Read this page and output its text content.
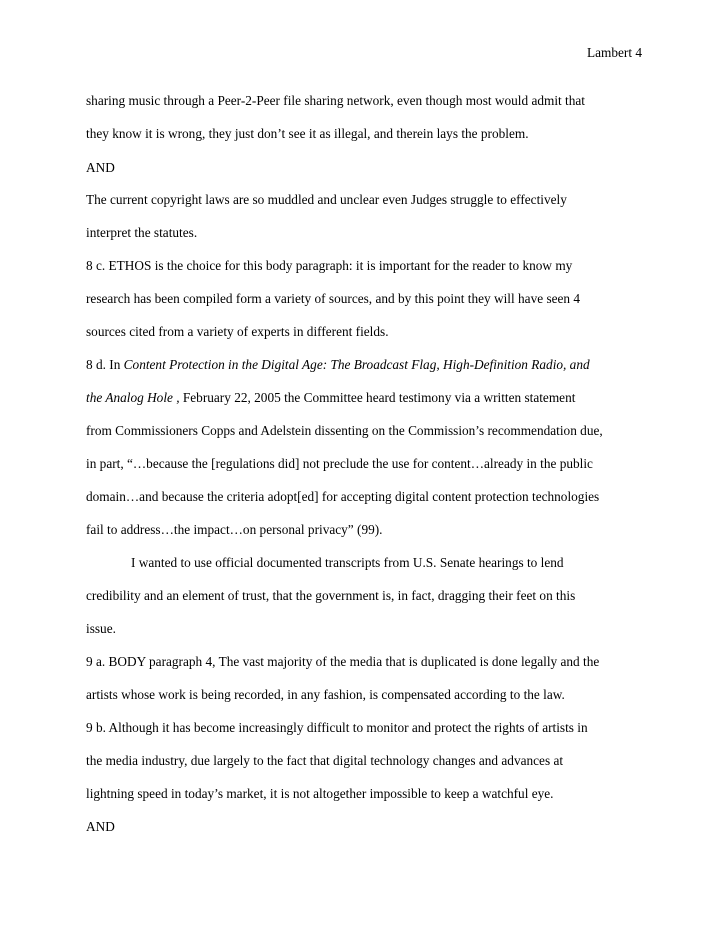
Lambert 4
sharing music through a Peer-2-Peer file sharing network, even though most would admit that
they know it is wrong, they just don’t see it as illegal, and therein lays the problem.
AND
The current copyright laws are so muddled and unclear even Judges struggle to effectively
interpret the statutes.
8 c. ETHOS is the choice for this body paragraph: it is important for the reader to know my
research has been compiled form a variety of sources, and by this point they will have seen 4
sources cited from a variety of experts in different fields.
8 d. In Content Protection in the Digital Age: The Broadcast Flag, High-Definition Radio, and
the Analog Hole , February 22, 2005 the Committee heard testimony via a written statement
from Commissioners Copps and Adelstein dissenting on the Commission’s recommendation due,
in part, “…because the [regulations did] not preclude the use for content…already in the public
domain…and because the criteria adopt[ed] for accepting digital content protection technologies
fail to address…the impact…on personal privacy” (99).
I wanted to use official documented transcripts from U.S. Senate hearings to lend
credibility and an element of trust, that the government is, in fact, dragging their feet on this
issue.
9 a. BODY paragraph 4, The vast majority of the media that is duplicated is done legally and the
artists whose work is being recorded, in any fashion, is compensated according to the law.
9 b. Although it has become increasingly difficult to monitor and protect the rights of artists in
the media industry, due largely to the fact that digital technology changes and advances at
lightning speed in today’s market, it is not altogether impossible to keep a watchful eye.
AND
